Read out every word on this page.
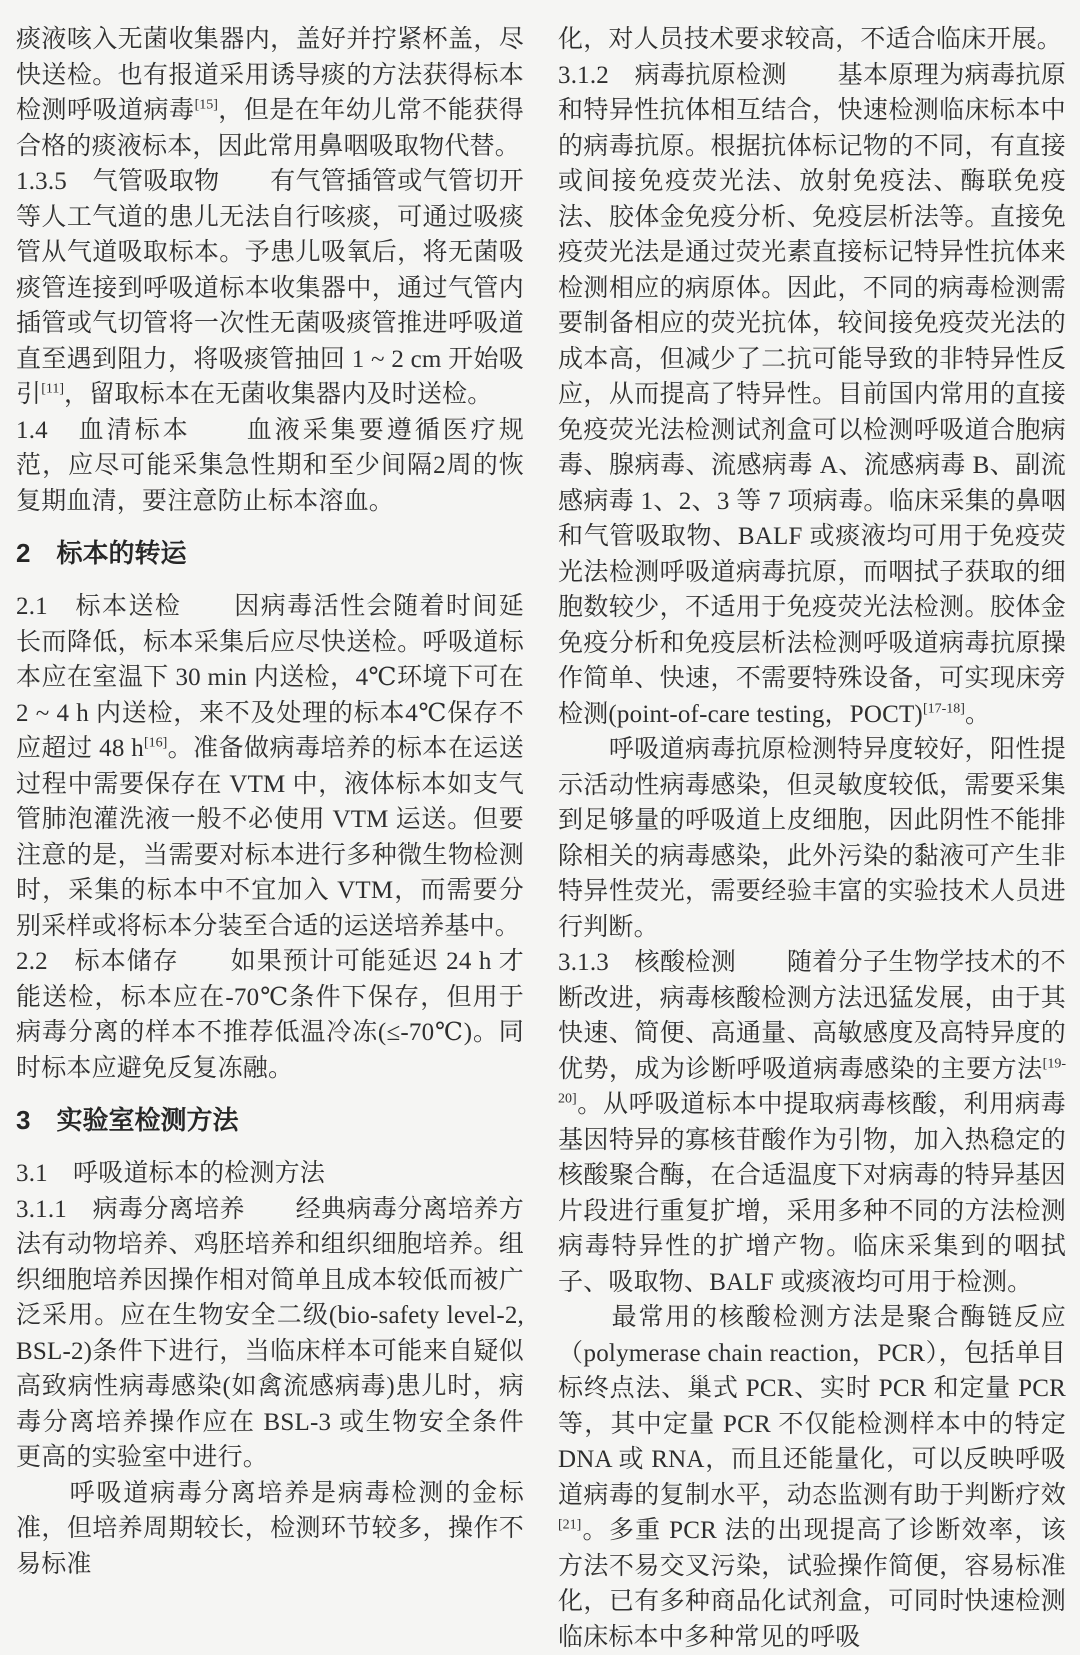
痰液咳入无菌收集器内，盖好并拧紧杯盖，尽快送检。也有报道采用诱导痰的方法获得标本检测呼吸道病毒[15]，但是在年幼儿常不能获得合格的痰液标本，因此常用鼻咽吸取物代替。

1.3.5　气管吸取物　　有气管插管或气管切开等人工气道的患儿无法自行咳痰，可通过吸痰管从气道吸取标本。予患儿吸氧后，将无菌吸痰管连接到呼吸道标本收集器中，通过气管内插管或气切管将一次性无菌吸痰管推进呼吸道直至遇到阻力，将吸痰管抽回 1 ~ 2 cm 开始吸引[11]，留取标本在无菌收集器内及时送检。

1.4　血清标本　　血液采集要遵循医疗规范，应尽可能采集急性期和至少间隔2周的恢复期血清，要注意防止标本溶血。

2　标本的转运

2.1　标本送检　　因病毒活性会随着时间延长而降低，标本采集后应尽快送检。呼吸道标本应在室温下 30 min 内送检，4℃环境下可在 2 ~ 4 h 内送检，来不及处理的标本4℃保存不应超过 48 h[16]。准备做病毒培养的标本在运送过程中需要保存在 VTM 中，液体标本如支气管肺泡灌洗液一般不必使用 VTM 运送。但要注意的是，当需要对标本进行多种微生物检测时，采集的标本中不宜加入 VTM，而需要分别采样或将标本分装至合适的运送培养基中。

2.2　标本储存　　如果预计可能延迟 24 h 才能送检，标本应在-70℃条件下保存，但用于病毒分离的样本不推荐低温冷冻(≤-70℃)。同时标本应避免反复冻融。

3　实验室检测方法

3.1　呼吸道标本的检测方法

3.1.1　病毒分离培养　　经典病毒分离培养方法有动物培养、鸡胚培养和组织细胞培养。组织细胞培养因操作相对简单且成本较低而被广泛采用。应在生物安全二级(bio-safety level-2, BSL-2)条件下进行，当临床样本可能来自疑似高致病性病毒感染(如禽流感病毒)患儿时，病毒分离培养操作应在 BSL-3 或生物安全条件更高的实验室中进行。

　　呼吸道病毒分离培养是病毒检测的金标准，但培养周期较长，检测环节较多，操作不易标准

化，对人员技术要求较高，不适合临床开展。

3.1.2　病毒抗原检测　　基本原理为病毒抗原和特异性抗体相互结合，快速检测临床标本中的病毒抗原。根据抗体标记物的不同，有直接或间接免疫荧光法、放射免疫法、酶联免疫法、胶体金免疫分析、免疫层析法等。直接免疫荧光法是通过荧光素直接标记特异性抗体来检测相应的病原体。因此，不同的病毒检测需要制备相应的荧光抗体，较间接免疫荧光法的成本高，但减少了二抗可能导致的非特异性反应，从而提高了特异性。目前国内常用的直接免疫荧光法检测试剂盒可以检测呼吸道合胞病毒、腺病毒、流感病毒 A、流感病毒 B、副流感病毒 1、2、3 等 7 项病毒。临床采集的鼻咽和气管吸取物、BALF 或痰液均可用于免疫荧光法检测呼吸道病毒抗原，而咽拭子获取的细胞数较少，不适用于免疫荧光法检测。胶体金免疫分析和免疫层析法检测呼吸道病毒抗原操作简单、快速，不需要特殊设备，可实现床旁检测(point-of-care testing，POCT)[17-18]。

　　呼吸道病毒抗原检测特异度较好，阳性提示活动性病毒感染，但灵敏度较低，需要采集到足够量的呼吸道上皮细胞，因此阴性不能排除相关的病毒感染，此外污染的黏液可产生非特异性荧光，需要经验丰富的实验技术人员进行判断。

3.1.3　核酸检测　　随着分子生物学技术的不断改进，病毒核酸检测方法迅猛发展，由于其快速、简便、高通量、高敏感度及高特异度的优势，成为诊断呼吸道病毒感染的主要方法[19-20]。从呼吸道标本中提取病毒核酸，利用病毒基因特异的寡核苷酸作为引物，加入热稳定的核酸聚合酶，在合适温度下对病毒的特异基因片段进行重复扩增，采用多种不同的方法检测病毒特异性的扩增产物。临床采集到的咽拭子、吸取物、BALF 或痰液均可用于检测。

　　最常用的核酸检测方法是聚合酶链反应（polymerase chain reaction，PCR），包括单目标终点法、巢式 PCR、实时 PCR 和定量 PCR 等，其中定量 PCR 不仅能检测样本中的特定 DNA 或 RNA，而且还能量化，可以反映呼吸道病毒的复制水平，动态监测有助于判断疗效[21]。多重 PCR 法的出现提高了诊断效率，该方法不易交叉污染，试验操作简便，容易标准化，已有多种商品化试剂盒，可同时快速检测临床标本中多种常见的呼吸
